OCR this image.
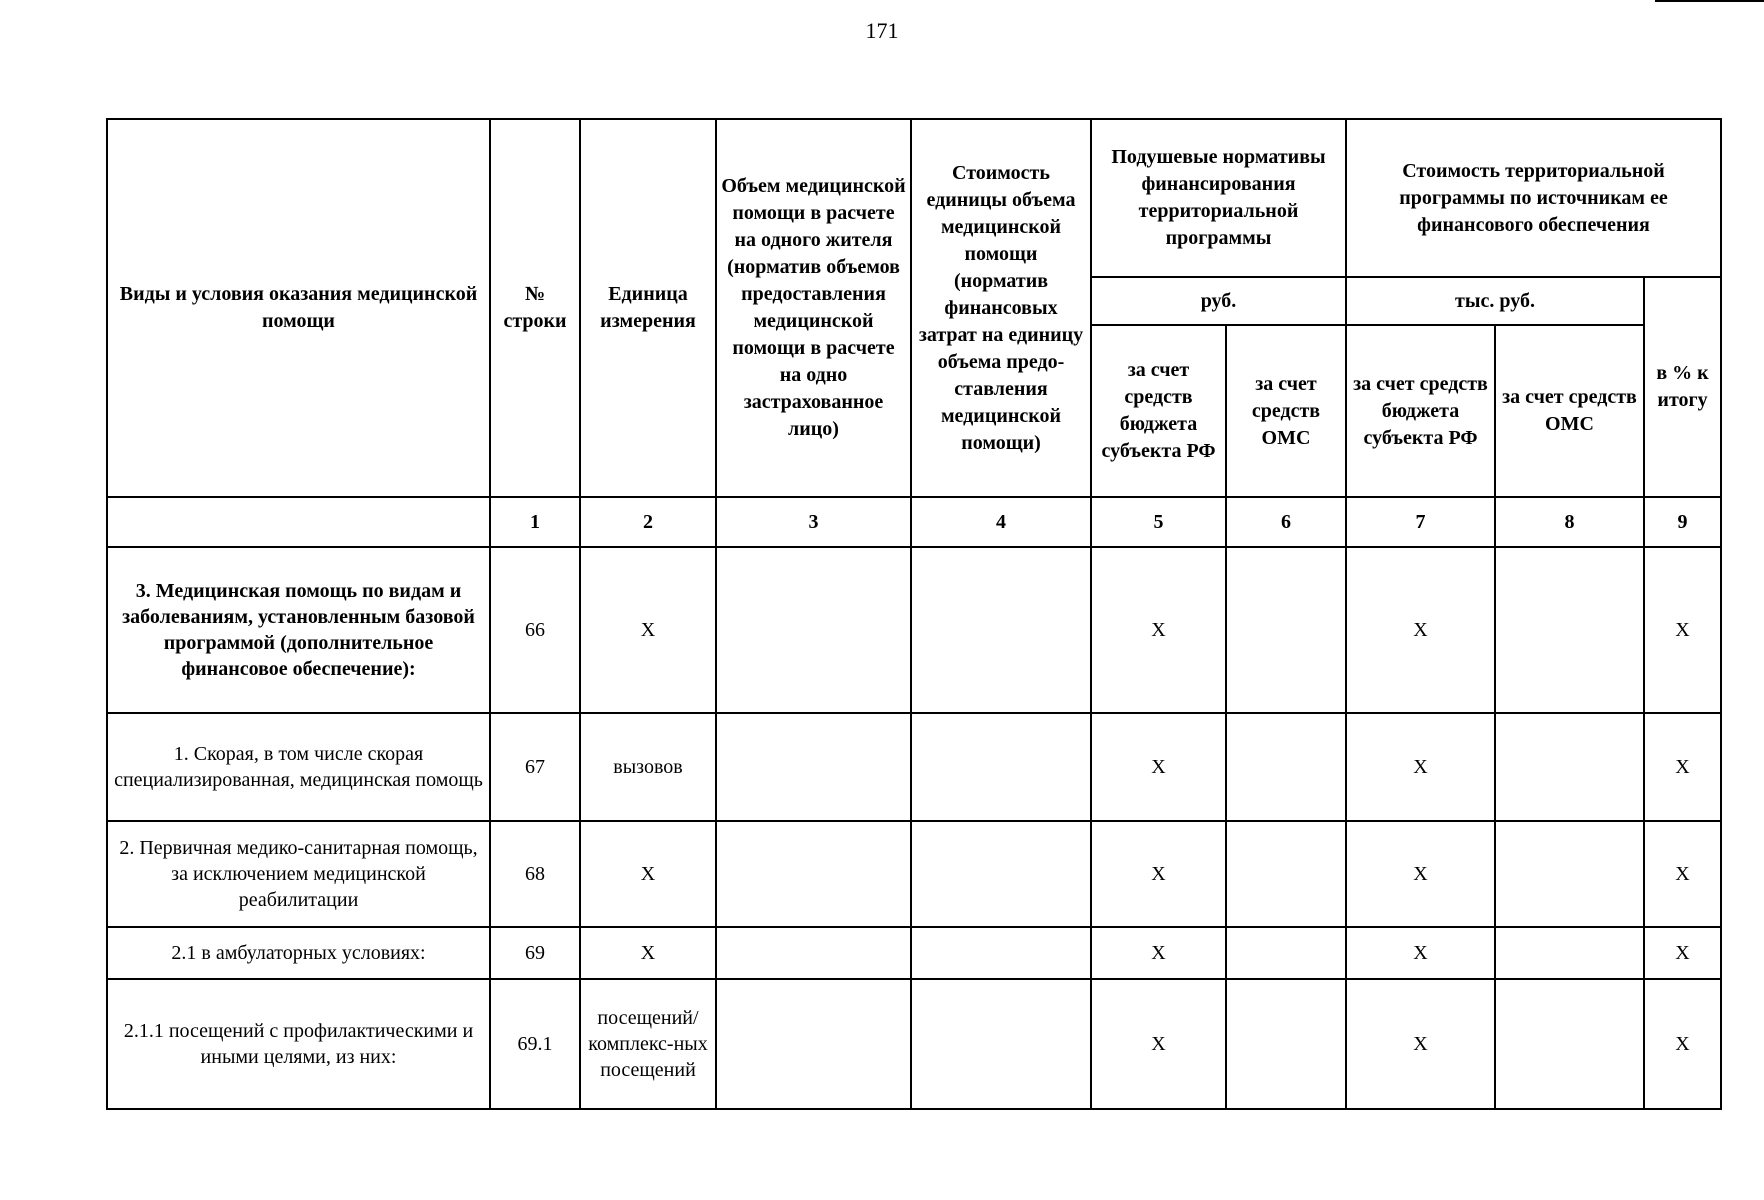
171
Виды и условия оказания медицинской помощи	№ строки	Единица измерения	Объем медицинской помощи в расчете на одного жителя (норматив объемов предоставления медицинской помощи в расчете на одно застрахованное лицо)	Стоимость единицы объема медицинской помощи (норматив финансовых затрат на единицу объема предо-ставления медицинской помощи)	Подушевые нормативы финансирования территориальной программы		Стоимость территориальной программы по источникам ее финансового обеспечения		
					руб.		тыс. руб.		в % к итогу
					за счет средств бюджета субъекта РФ	за счет средств ОМС	за счет средств бюджета субъекта РФ	за счет средств ОМС	
	1	2	3	4	5	6	7	8	9
3. Медицинская помощь по видам и заболеваниям, установленным базовой программой (дополнительное финансовое обеспечение):	66	X			X		X		X
1. Скорая, в том числе скорая специализированная, медицинская помощь	67	вызовов			X		X		X
2. Первичная медико-санитарная помощь, за исключением медицинской реабилитации	68	X			X		X		X
2.1 в амбулаторных условиях:	69	X			X		X		X
2.1.1 посещений с профилактическими и иными целями, из них:	69.1	посещений/ комплекс-ных посещений			X		X		X
